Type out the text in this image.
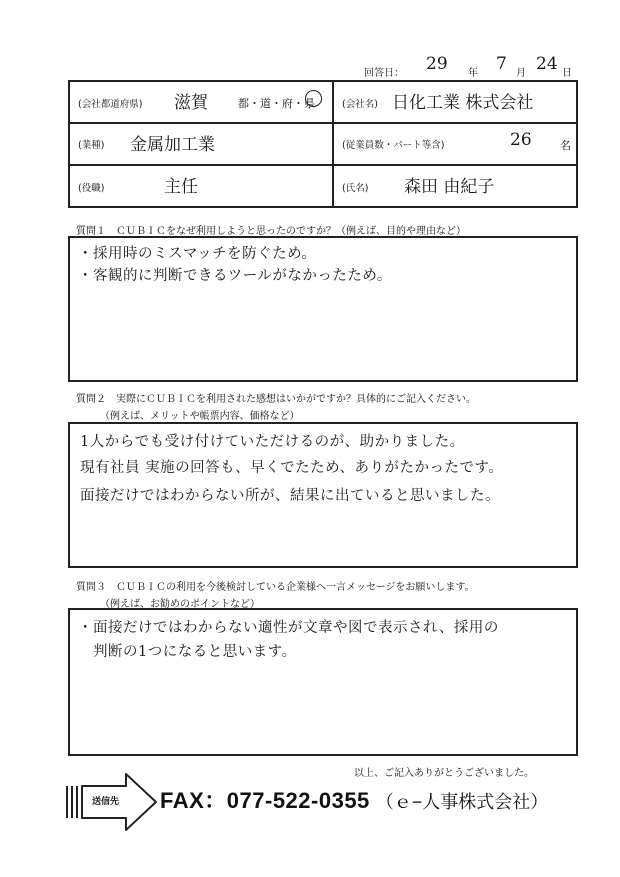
回答日： 29 年 7 月 24 日
(会社都道府県) 滋賀	都・道・府・県	(会社名) 日化工業 株式会社
(業種) 金属加工業	(従業員数・パート等含)	26	名
(役職)	主任	(氏名) 森田 由紀子
質問１　ＣＵＢＩＣをなぜ利用しようと思ったのですか？（例えば、目的や理由など）
・採用時のミスマッチを防ぐため。
・客観的に判断できるツールがなかったため。
質問２　実際にＣＵＢＩＣを利用された感想はいかがですか？具体的にご記入ください。
（例えば、メリットや帳票内容、価格など）
1人からでも受け付けていただけるのが、助かりました。
現有社員 実施の回答も、早くでたため、ありがたかったです。
面接だけではわからない所が、結果に出ていると思いました。
質問３　ＣＵＢＩＣの利用を今後検討している企業様へ一言メッセージをお願いします。
（例えば、お勧めのポイントなど）
・面接だけではわからない適性が文章や図で表示され、採用の
　判断の1つになると思います。
以上、ご記入ありがとうございました。
送信先 FAX：077-522-0355 （ｅ−人事株式会社）
